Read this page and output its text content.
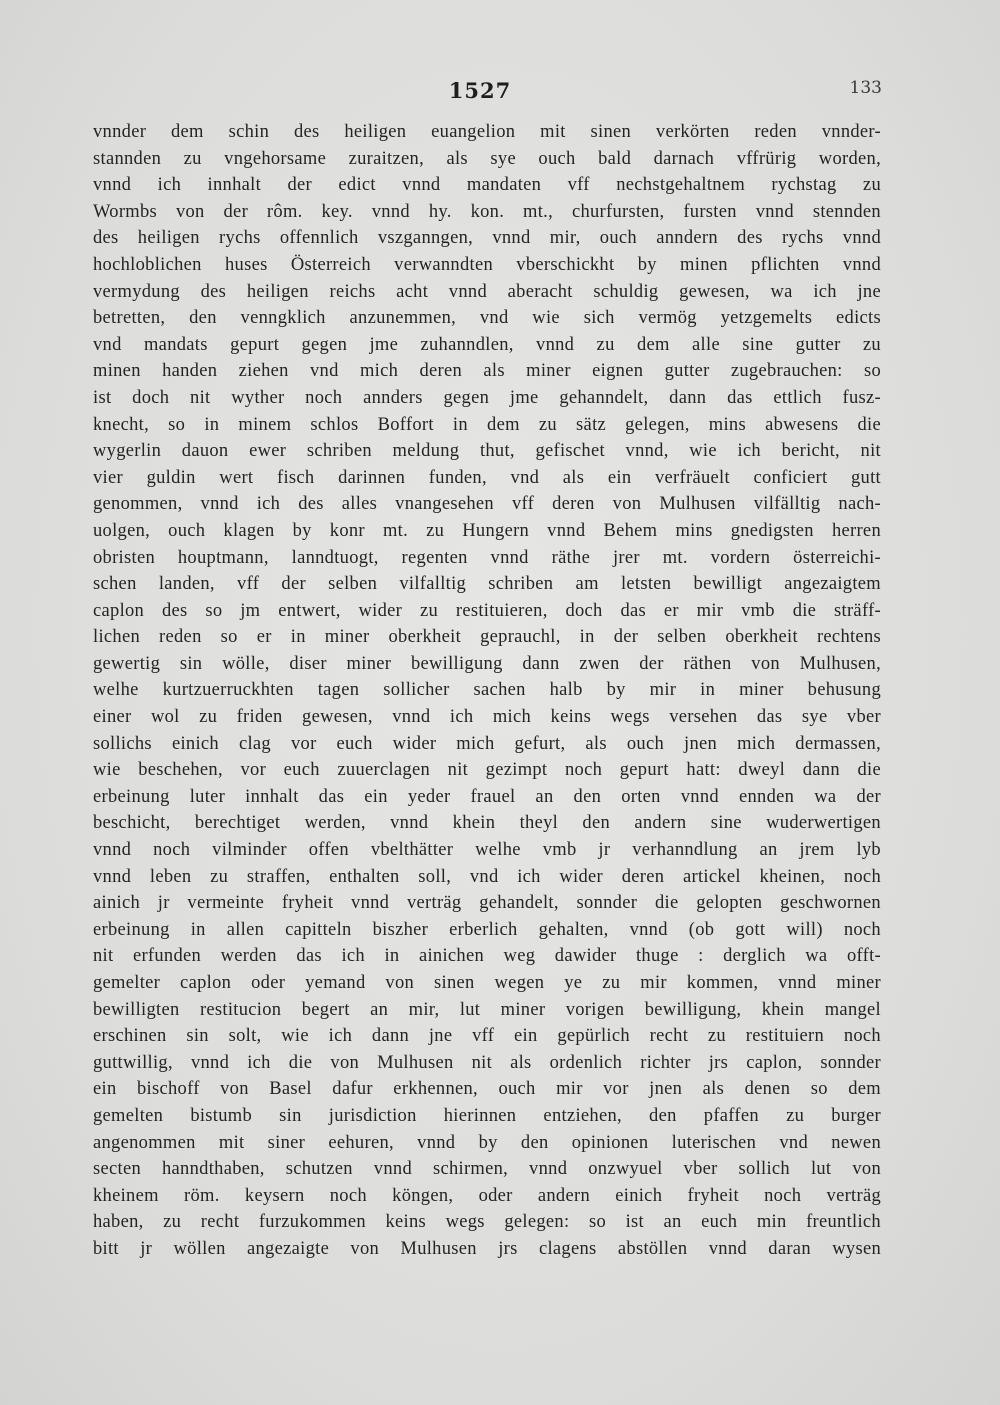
1527	133
vnnder dem schin des heiligen euangelion mit sinen verkörten reden vnnder-
stannden zu vngehorsame zuraitzen, als sye ouch bald darnach vffrürig worden,
vnnd ich innhalt der edict vnnd mandaten vff nechstgehaltnem rychstag zu
Wormbs von der rôm. key. vnnd hy. kon. mt., churfursten, fursten vnnd stennden
des heiligen rychs offennlich vszganngen, vnnd mir, ouch anndern des rychs vnnd
hochloblichen huses Österreich verwanndten vberschickht by minen pflichten vnnd
vermydung des heiligen reichs acht vnnd aberacht schuldig gewesen, wa ich jne
betretten, den venngklich anzunemmen, vnd wie sich vermög yetzgemelts edicts
vnd mandats gepurt gegen jme zuhanndlen, vnnd zu dem alle sine gutter zu
minen handen ziehen vnd mich deren als miner eignen gutter zugebrauchen: so
ist doch nit wyther noch annders gegen jme gehanndelt, dann das ettlich fusz-
knecht, so in minem schlos Boffort in dem zu sätz gelegen, mins abwesens die
wygerlin dauon ewer schriben meldung thut, gefischet vnnd, wie ich bericht, nit
vier guldin wert fisch darinnen funden, vnd als ein verfräuelt conficiert gutt
genommen, vnnd ich des alles vnangesehen vff deren von Mulhusen vilfälltig nach-
uolgen, ouch klagen by konr mt. zu Hungern vnnd Behem mins gnedigsten herren
obristen houptmann, lanndtuogt, regenten vnnd räthe jrer mt. vordern österreichi-
schen landen, vff der selben vilfalltig schriben am letsten bewilligt angezaigtem
caplon des so jm entwert, wider zu restituieren, doch das er mir vmb die sträff-
lichen reden so er in miner oberkheit geprauchl, in der selben oberkheit rechtens
gewertig sin wölle, diser miner bewilligung dann zwen der räthen von Mulhusen,
welhe kurtzuerruckhten tagen sollicher sachen halb by mir in miner behusung
einer wol zu friden gewesen, vnnd ich mich keins wegs versehen das sye vber
sollichs einich clag vor euch wider mich gefurt, als ouch jnen mich dermassen,
wie beschehen, vor euch zuuerclagen nit gezimpt noch gepurt hatt: dweyl dann die
erbeinung luter innhalt das ein yeder frauel an den orten vnnd ennden wa der
beschicht, berechtiget werden, vnnd khein theyl den andern sine wuderwertigen
vnnd noch vilminder offen vbelthätter welhe vmb jr verhanndlung an jrem lyb
vnnd leben zu straffen, enthalten soll, vnd ich wider deren artickel kheinen, noch
ainich jr vermeinte fryheit vnnd verträg gehandelt, sonnder die gelopten geschwornen
erbeinung in allen capitteln biszher erberlich gehalten, vnnd (ob gott will) noch
nit erfunden werden das ich in ainichen weg dawider thuge : derglich wa offt-
gemelter caplon oder yemand von sinen wegen ye zu mir kommen, vnnd miner
bewilligten restitucion begert an mir, lut miner vorigen bewilligung, khein mangel
erschinen sin solt, wie ich dann jne vff ein gepürlich recht zu restituiern noch
guttwillig, vnnd ich die von Mulhusen nit als ordenlich richter jrs caplon, sonnder
ein bischoff von Basel dafur erkhennen, ouch mir vor jnen als denen so dem
gemelten bistumb sin jurisdiction hierinnen entziehen, den pfaffen zu burger
angenommen mit siner eehuren, vnnd by den opinionen luterischen vnd newen
secten hanndthaben, schutzen vnnd schirmen, vnnd onzwyuel vber sollich lut von
kheinem röm. keysern noch köngen, oder andern einich fryheit noch verträg
haben, zu recht furzukommen keins wegs gelegen: so ist an euch min freuntlich
bitt jr wöllen angezaigte von Mulhusen jrs clagens abstöllen vnnd daran wysen
